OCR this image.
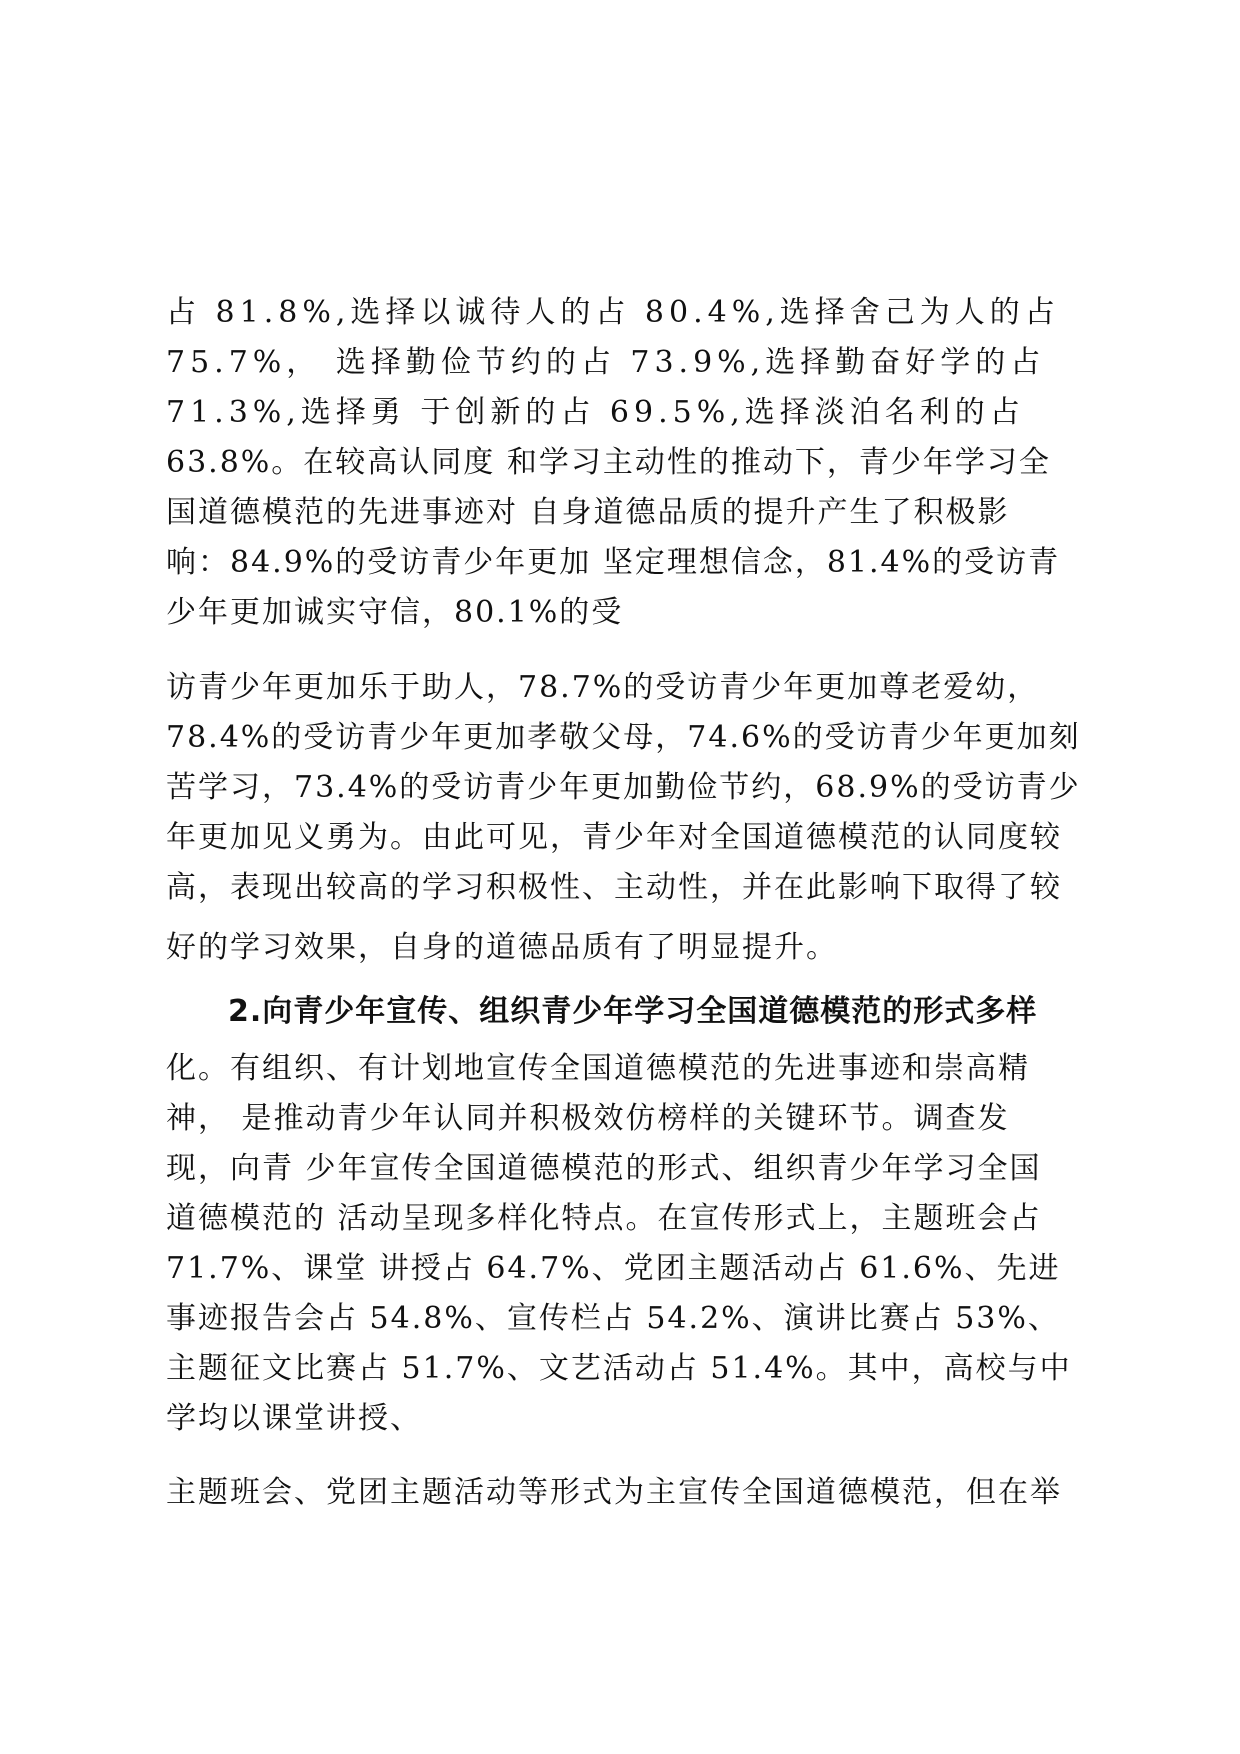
占 81.8%,选择以诚待人的占 80.4%,选择舍己为人的占
75.7%， 选择勤俭节约的占 73.9%,选择勤奋好学的占
71.3%,选择勇 于创新的占 69.5%,选择淡泊名利的占
63.8%。在较高认同度 和学习主动性的推动下，青少年学习全
国道德模范的先进事迹对 自身道德品质的提升产生了积极影
响：84.9%的受访青少年更加 坚定理想信念，81.4%的受访青
少年更加诚实守信，80.1%的受
访青少年更加乐于助人，78.7%的受访青少年更加尊老爱幼，
78.4%的受访青少年更加孝敬父母，74.6%的受访青少年更加刻
苦学习，73.4%的受访青少年更加勤俭节约，68.9%的受访青少
年更加见义勇为。由此可见，青少年对全国道德模范的认同度较
高，表现出较高的学习积极性、主动性，并在此影响下取得了较
好的学习效果，自身的道德品质有了明显提升。
2.向青少年宣传、组织青少年学习全国道德模范的形式多样
化。有组织、有计划地宣传全国道德模范的先进事迹和崇高精
神， 是推动青少年认同并积极效仿榜样的关键环节。调查发
现，向青 少年宣传全国道德模范的形式、组织青少年学习全国
道德模范的 活动呈现多样化特点。在宣传形式上，主题班会占
71.7%、课堂 讲授占 64.7%、党团主题活动占 61.6%、先进
事迹报告会占 54.8%、宣传栏占 54.2%、演讲比赛占 53%、
主题征文比赛占 51.7%、文艺活动占 51.4%。其中，高校与中
学均以课堂讲授、
主题班会、党团主题活动等形式为主宣传全国道德模范，但在举
